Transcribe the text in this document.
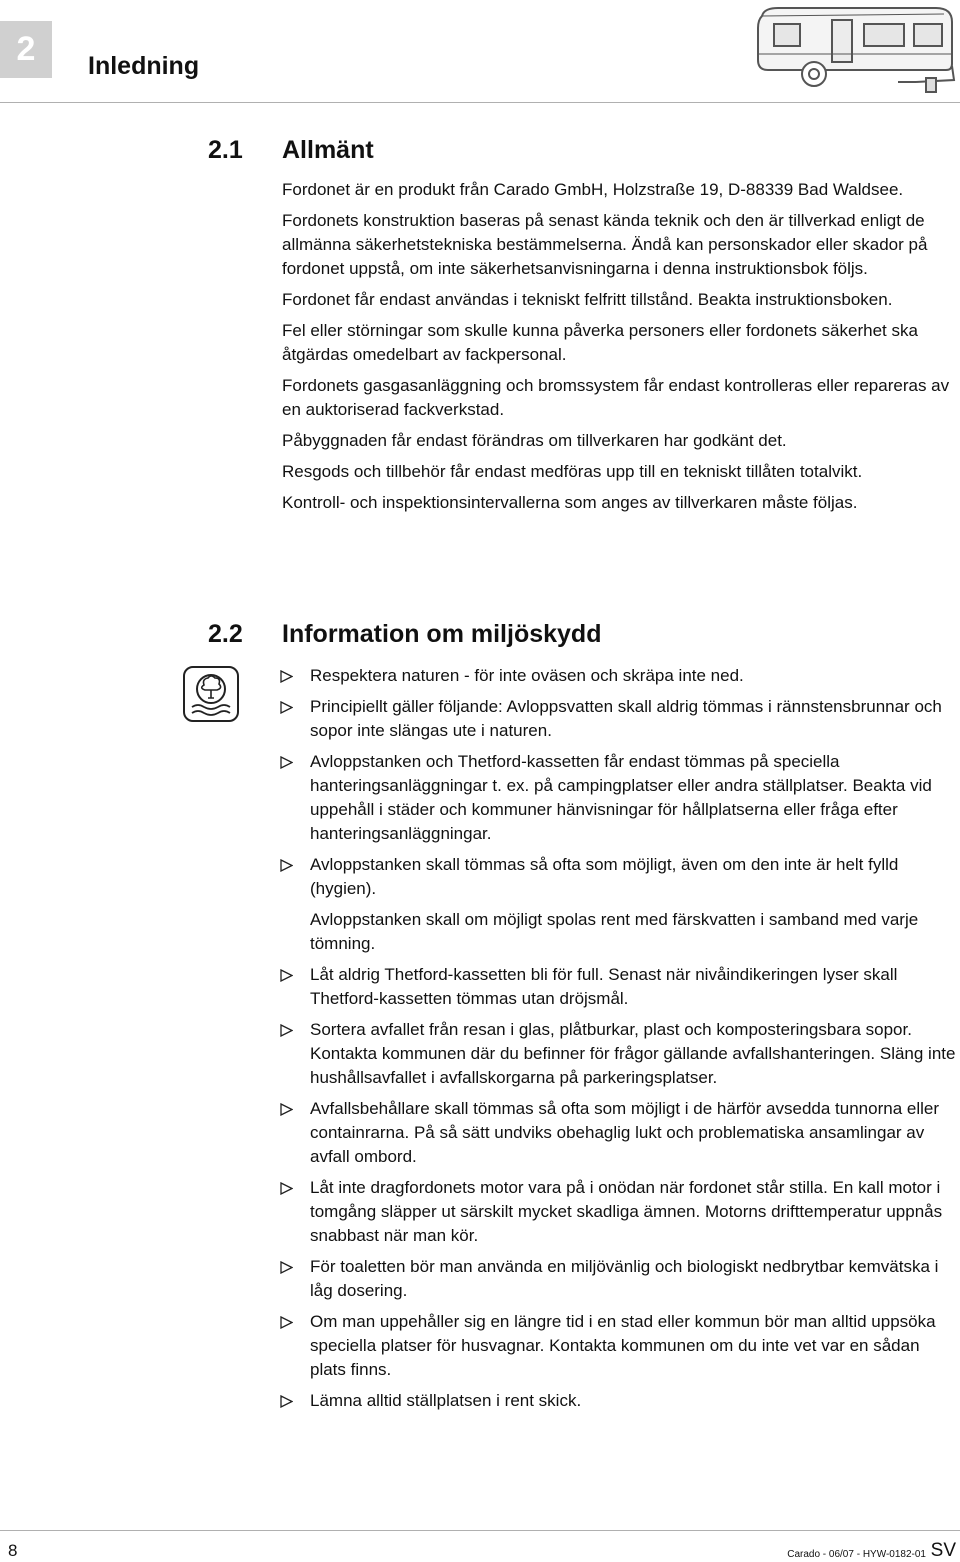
2 Inledning
2.1 Allmänt

Fordonet är en produkt från Carado GmbH, Holzstraße 19, D-88339 Bad Waldsee.

Fordonets konstruktion baseras på senast kända teknik och den är tillverkad enligt de allmänna säkerhetstekniska bestämmelserna. Ändå kan personskador eller skador på fordonet uppstå, om inte säkerhetsanvisningarna i denna instruktionsbok följs.

Fordonet får endast användas i tekniskt felfritt tillstånd. Beakta instruktionsboken.

Fel eller störningar som skulle kunna påverka personers eller fordonets säkerhet ska åtgärdas omedelbart av fackpersonal.

Fordonets gasgasanläggning och bromssystem får endast kontrolleras eller repareras av en auktoriserad fackverkstad.

Påbyggnaden får endast förändras om tillverkaren har godkänt det.

Resgods och tillbehör får endast medföras upp till en tekniskt tillåten totalvikt.

Kontroll- och inspektionsintervallerna som anges av tillverkaren måste följas.

2.2 Information om miljöskydd

Respektera naturen - för inte oväsen och skräpa inte ned.

Principiellt gäller följande: Avloppsvatten skall aldrig tömmas i rännstensbrunnar och sopor inte slängas ute i naturen.

Avloppstanken och Thetford-kassetten får endast tömmas på speciella hanteringsanläggningar t. ex. på campingplatser eller andra ställplatser. Beakta vid uppehåll i städer och kommuner hänvisningar för hållplatserna eller fråga efter hanteringsanläggningar.

Avloppstanken skall tömmas så ofta som möjligt, även om den inte är helt fylld (hygien).

Avloppstanken skall om möjligt spolas rent med färskvatten i samband med varje tömning.

Låt aldrig Thetford-kassetten bli för full. Senast när nivåindikeringen lyser skall Thetford-kassetten tömmas utan dröjsmål.

Sortera avfallet från resan i glas, plåtburkar, plast och komposteringsbara sopor. Kontakta kommunen där du befinner för frågor gällande avfallshanteringen. Släng inte hushållsavfallet i avfallskorgarna på parkeringsplatser.

Avfallsbehållare skall tömmas så ofta som möjligt i de härför avsedda tunnorna eller containrarna. På så sätt undviks obehaglig lukt och problematiska ansamlingar av avfall ombord.

Låt inte dragfordonets motor vara på i onödan när fordonet står stilla. En kall motor i tomgång släpper ut särskilt mycket skadliga ämnen. Motorns drifttemperatur uppnås snabbast när man kör.

För toaletten bör man använda en miljövänlig och biologiskt nedbrytbar kemvätska i låg dosering.

Om man uppehåller sig en längre tid i en stad eller kommun bör man alltid uppsöka speciella platser för husvagnar. Kontakta kommunen om du inte vet var en sådan plats finns.

Lämna alltid ställplatsen i rent skick.

8	Carado - 06/07 - HYW-0182-01 SV
